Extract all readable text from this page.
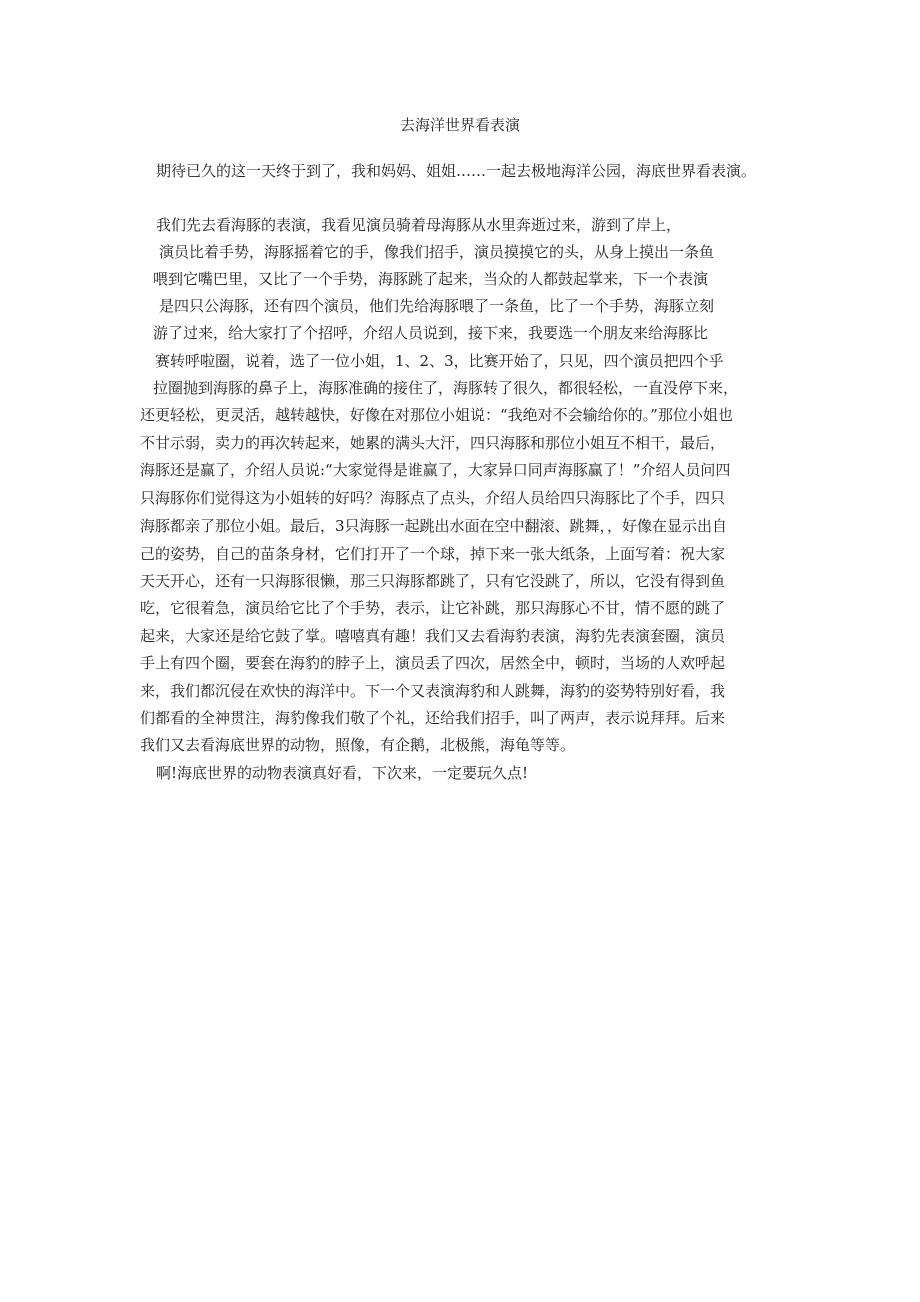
去海洋世界看表演
期待已久的这一天终于到了，我和妈妈、姐姐……一起去极地海洋公园，海底世界看表演。
我们先去看海豚的表演，我看见演员骑着母海豚从水里奔逝过来，游到了岸上，
演员比着手势，海豚摇着它的手，像我们招手，演员摸摸它的头，从身上摸出一条鱼
喂到它嘴巴里，又比了一个手势，海豚跳了起来，当众的人都鼓起掌来，下一个表演
是四只公海豚，还有四个演员，他们先给海豚喂了一条鱼，比了一个手势，海豚立刻
游了过来，给大家打了个招呼，介绍人员说到，接下来，我要选一个朋友来给海豚比
赛转呼啦圈，说着，选了一位小姐，1、2、3，比赛开始了，只见，四个演员把四个乎
拉圈抛到海豚的鼻子上，海豚准确的接住了，海豚转了很久，都很轻松，一直没停下来，
还更轻松，更灵活，越转越快，好像在对那位小姐说：“我绝对不会输给你的。”那位小姐也
不甘示弱，卖力的再次转起来，她累的满头大汗，四只海豚和那位小姐互不相干，最后，
海豚还是赢了，介绍人员说:“大家觉得是谁赢了，大家异口同声海豚赢了！”介绍人员问四
只海豚你们觉得这为小姐转的好吗？海豚点了点头，介绍人员给四只海豚比了个手，四只
海豚都亲了那位小姐。最后，3只海豚一起跳出水面在空中翻滚、跳舞，，好像在显示出自
己的姿势，自己的苗条身材，它们打开了一个球，掉下来一张大纸条，上面写着：祝大家
天天开心，还有一只海豚很懒，那三只海豚都跳了，只有它没跳了，所以，它没有得到鱼
吃，它很着急，演员给它比了个手势，表示，让它补跳，那只海豚心不甘，情不愿的跳了
起来，大家还是给它鼓了掌。嘻嘻真有趣！我们又去看海豹表演，海豹先表演套圈，演员
手上有四个圈，要套在海豹的脖子上，演员丢了四次，居然全中，顿时，当场的人欢呼起
来，我们都沉侵在欢快的海洋中。下一个又表演海豹和人跳舞，海豹的姿势特别好看，我
们都看的全神贯注，海豹像我们敬了个礼，还给我们招手，叫了两声，表示说拜拜。后来
我们又去看海底世界的动物，照像，有企鹅，北极熊，海龟等等。
啊!海底世界的动物表演真好看，下次来，一定要玩久点!
